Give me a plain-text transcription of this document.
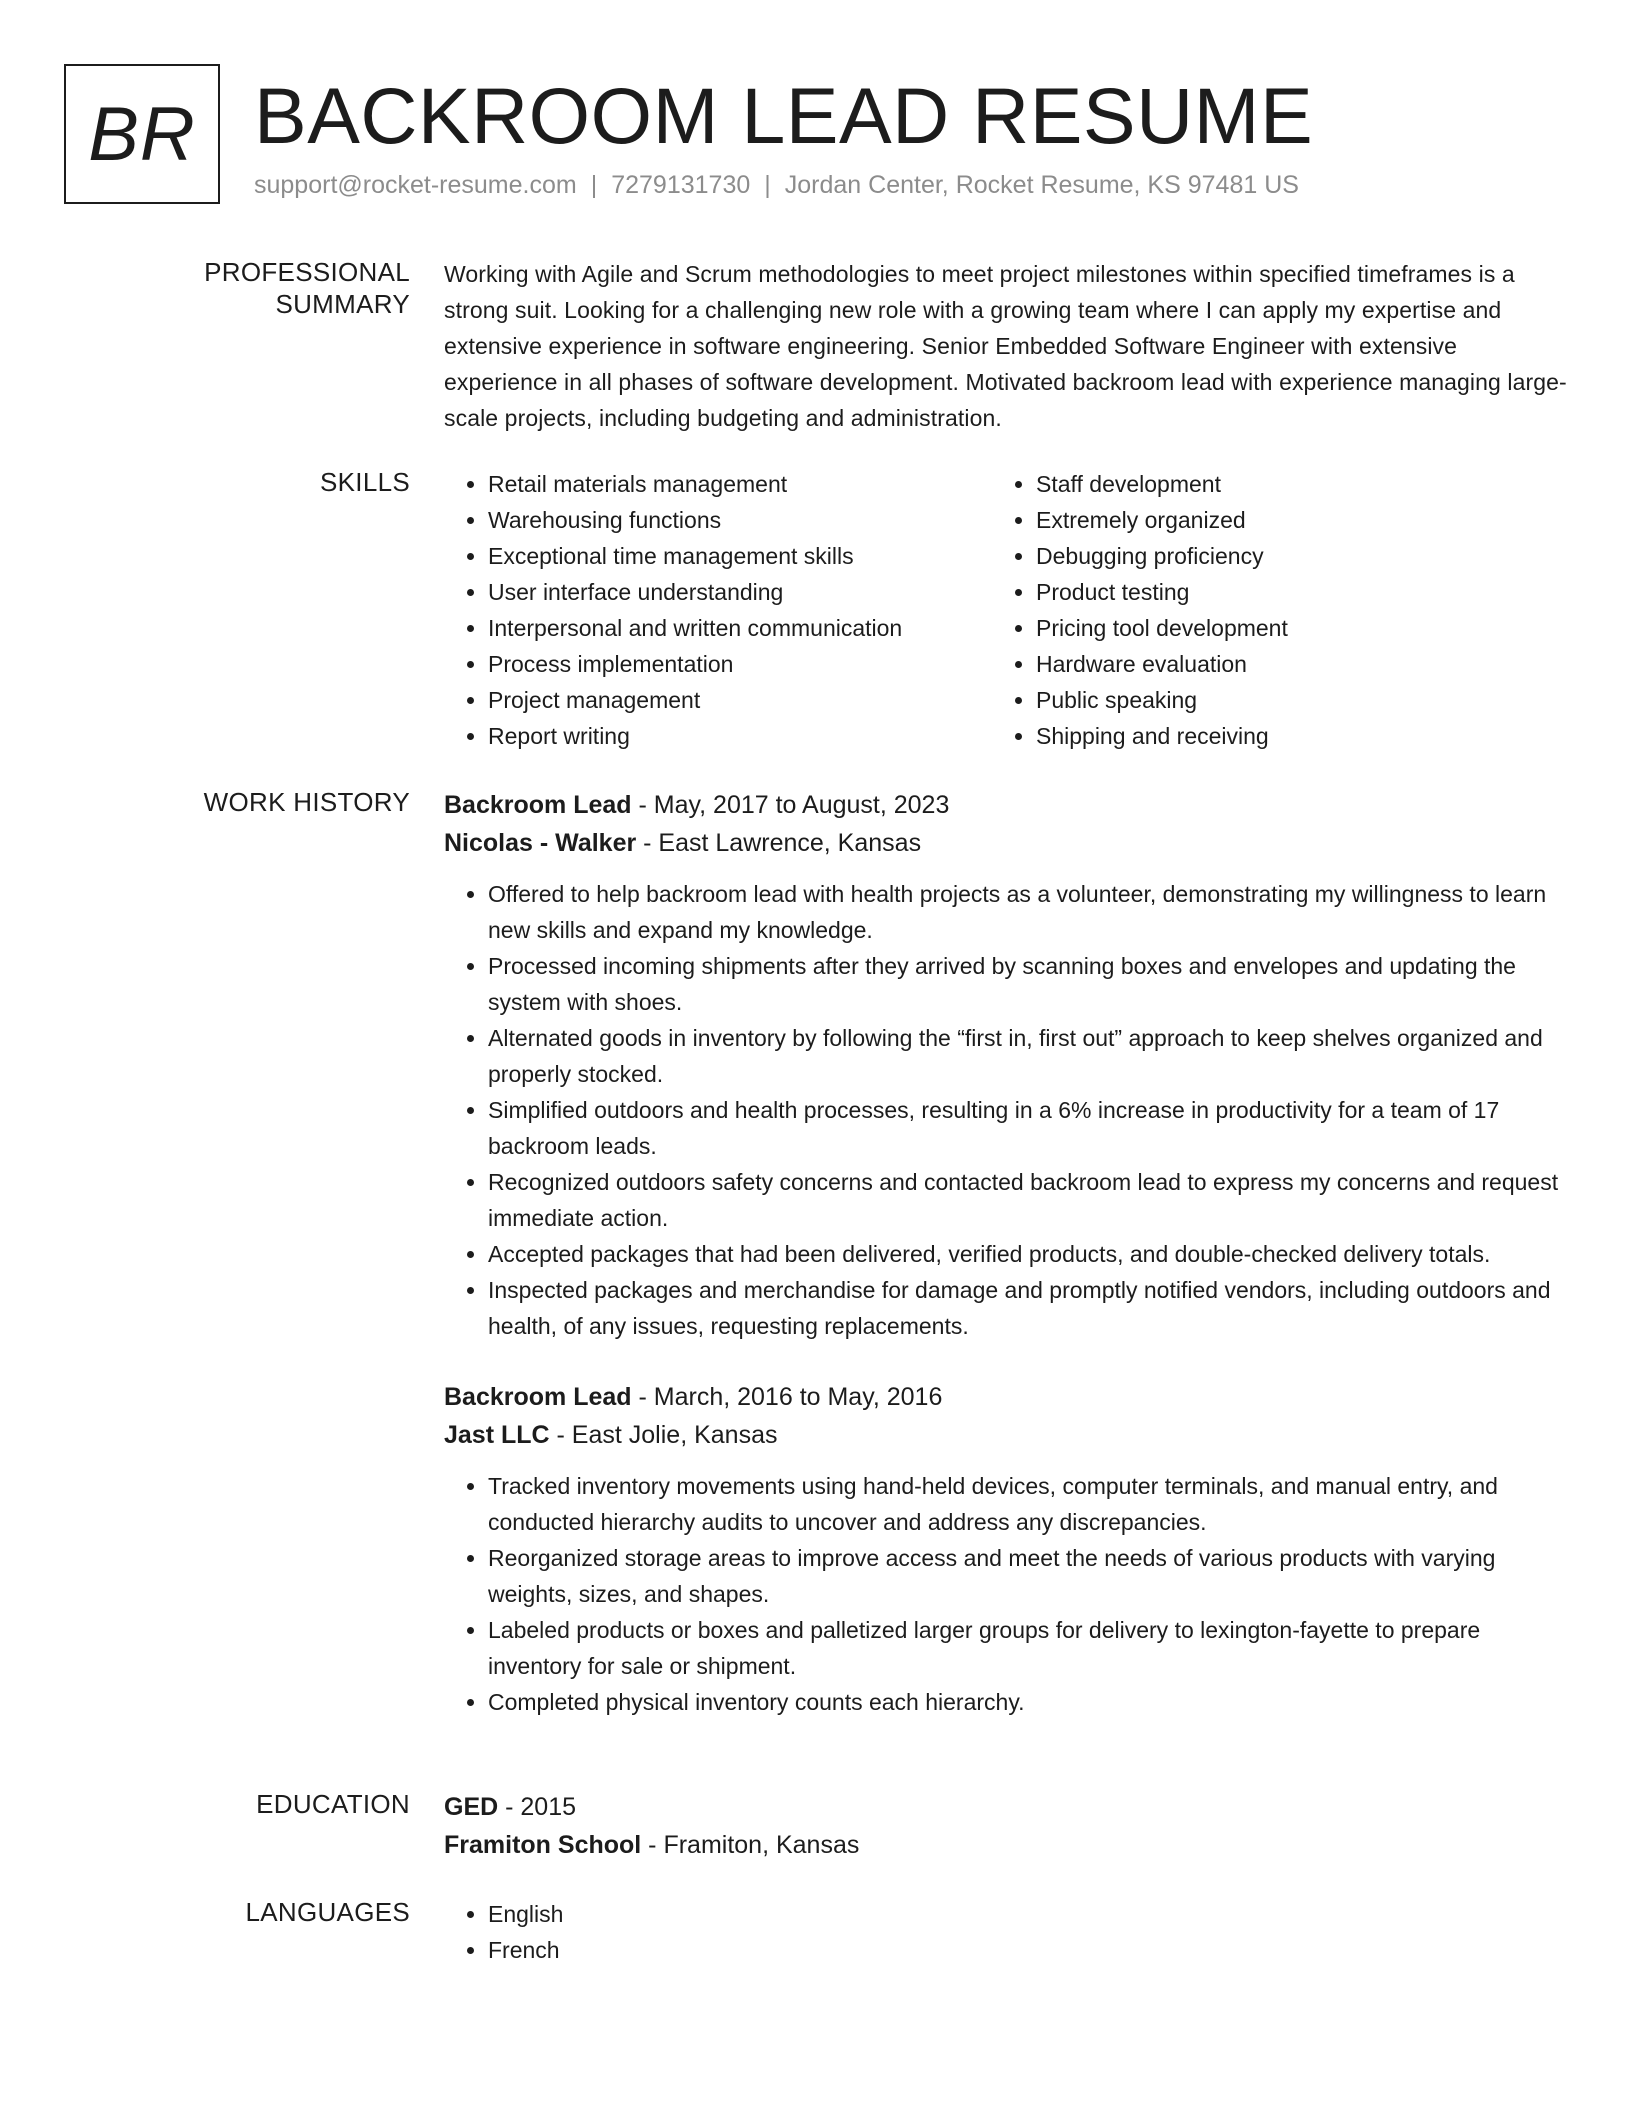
BR BACKROOM LEAD RESUME
support@rocket-resume.com | 7279131730 | Jordan Center, Rocket Resume, KS 97481 US
PROFESSIONAL SUMMARY

Working with Agile and Scrum methodologies to meet project milestones within specified timeframes is a strong suit. Looking for a challenging new role with a growing team where I can apply my expertise and extensive experience in software engineering. Senior Embedded Software Engineer with extensive experience in all phases of software development. Motivated backroom lead with experience managing large-scale projects, including budgeting and administration.

SKILLS	• Retail materials management
• Warehousing functions
• Exceptional time management skills
• User interface understanding
• Interpersonal and written communication
• Process implementation
• Project management
• Report writing
• Staff development
• Extremely organized
• Debugging proficiency
• Product testing
• Pricing tool development
• Hardware evaluation
• Public speaking
• Shipping and receiving
WORK HISTORY Backroom Lead - May, 2017 to August, 2023
Nicolas - Walker - East Lawrence, Kansas
• Offered to help backroom lead with health projects as a volunteer, demonstrating my willingness to learn new skills and expand my knowledge.
• Processed incoming shipments after they arrived by scanning boxes and envelopes and updating the system with shoes.
• Alternated goods in inventory by following the “first in, first out” approach to keep shelves organized and properly stocked.
• Simplified outdoors and health processes, resulting in a 6% increase in productivity for a team of 17 backroom leads.
• Recognized outdoors safety concerns and contacted backroom lead to express my concerns and request immediate action.
• Accepted packages that had been delivered, verified products, and double-checked delivery totals.
• Inspected packages and merchandise for damage and promptly notified vendors, including outdoors and health, of any issues, requesting replacements.
Backroom Lead - March, 2016 to May, 2016
Jast LLC - East Jolie, Kansas
• Tracked inventory movements using hand-held devices, computer terminals, and manual entry, and conducted hierarchy audits to uncover and address any discrepancies.
• Reorganized storage areas to improve access and meet the needs of various products with varying weights, sizes, and shapes.
• Labeled products or boxes and palletized larger groups for delivery to lexington-fayette to prepare inventory for sale or shipment.
• Completed physical inventory counts each hierarchy.
EDUCATION GED - 2015
Framiton School - Framiton, Kansas
LANGUAGES	• English
• French
